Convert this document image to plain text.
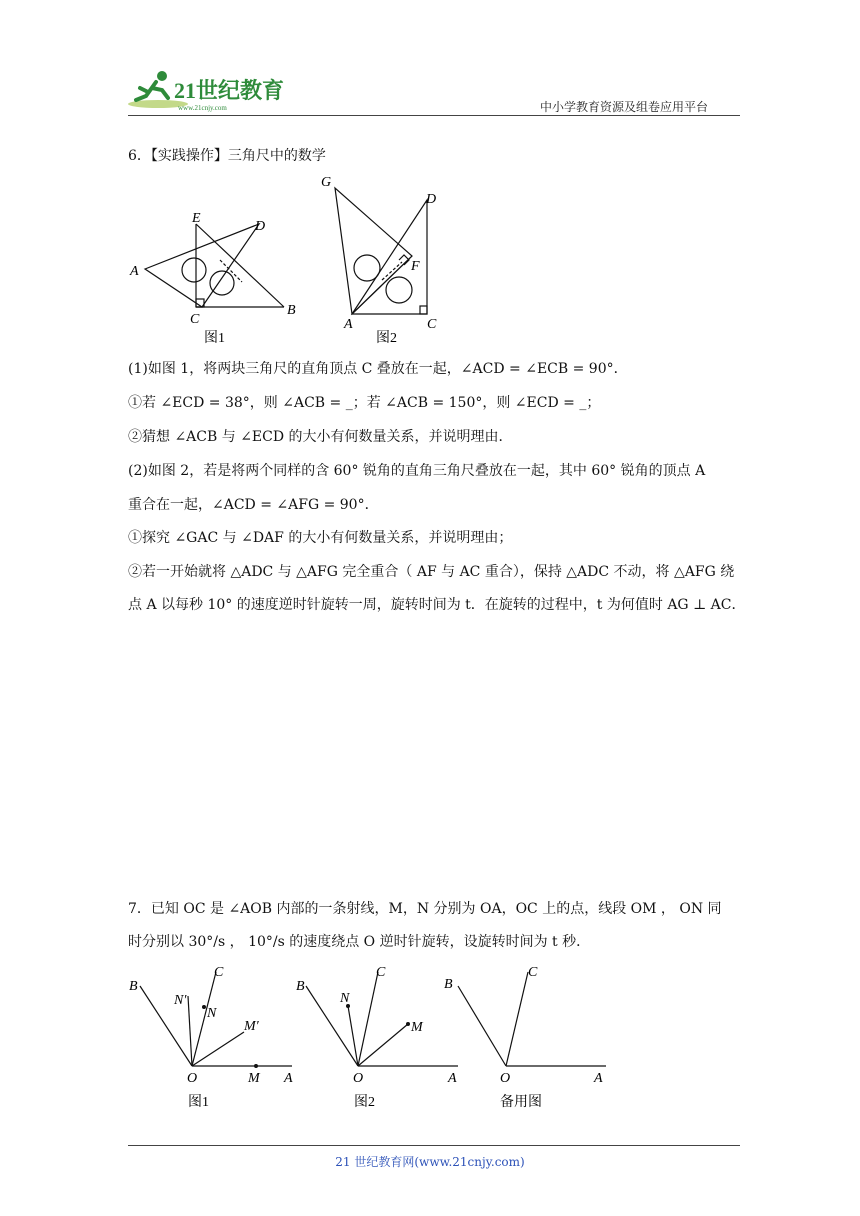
21世纪教育
www.21cnjy.com	中小学教育资源及组卷应用平台
6．【实践操作】三角尺中的数学
E
D
A
C
B
图1
G
D
F
A	C
图2
(1)如图 1，将两块三角尺的直角顶点 C 叠放在一起，∠ACD = ∠ECB = 90°．
①若 ∠ECD = 38°，则 ∠ACB = _；若 ∠ACB = 150°，则 ∠ECD = _；
②猜想 ∠ACB 与 ∠ECD 的大小有何数量关系，并说明理由．
(2)如图 2，若是将两个同样的含 60° 锐角的直角三角尺叠放在一起，其中 60° 锐角的顶点 A
重合在一起，∠ACD = ∠AFG = 90°．
①探究 ∠GAC 与 ∠DAF 的大小有何数量关系，并说明理由；
②若一开始就将 △ADC 与 △AFG 完全重合（ AF 与 AC 重合），保持 △ADC 不动，将 △AFG 绕
点 A 以每秒 10° 的速度逆时针旋转一周，旋转时间为 t．在旋转的过程中，t 为何值时 AG ⊥ AC．
7．已知 OC 是 ∠AOB 内部的一条射线，M，N 分别为 OA，OC 上的点，线段 OM ， ON 同
时分别以 30°/s ， 10°/s 的速度绕点 O 逆时针旋转，设旋转时间为 t 秒．
B
C
N′
N
M′
O	M A
图1
B
C
N
M
O	A
图2
B
C
O	A
备用图
21 世纪教育网(www.21cnjy.com)
